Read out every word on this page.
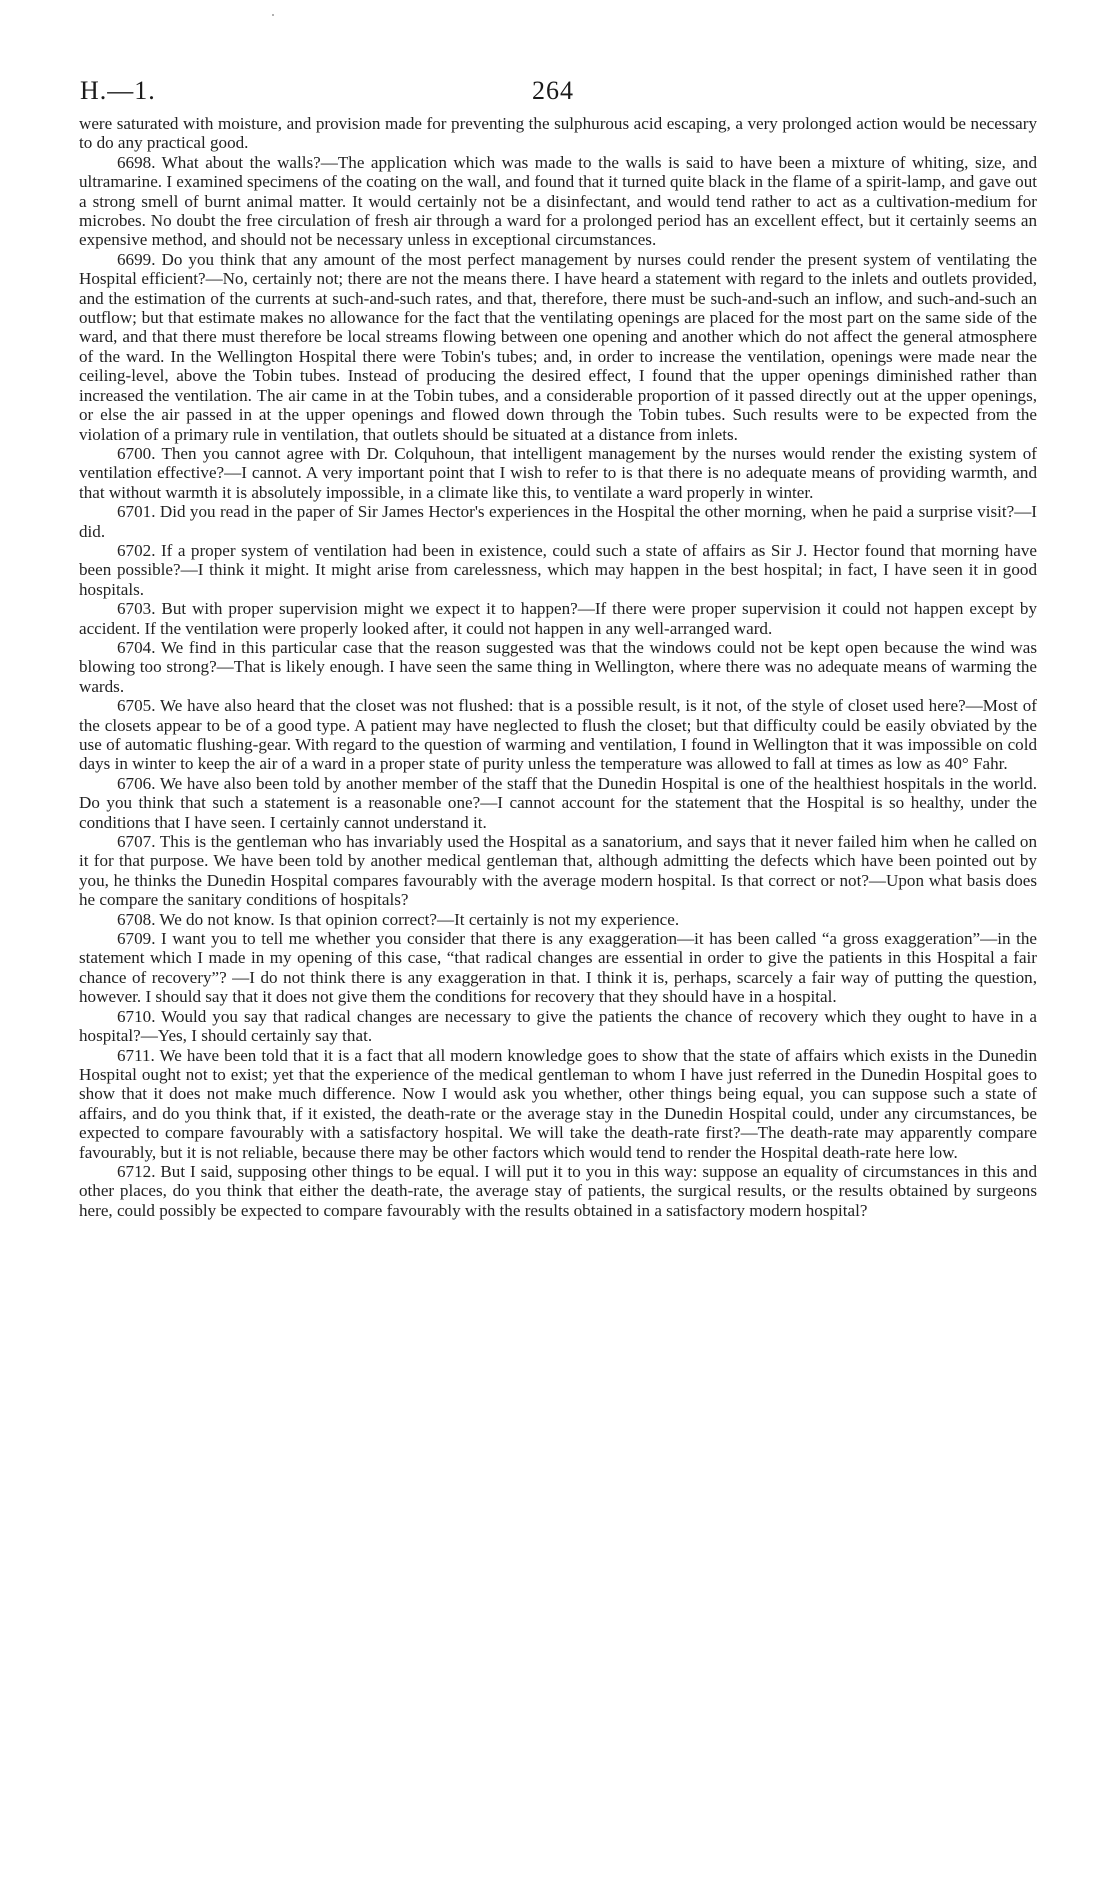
H.—1.	264

were saturated with moisture, and provision made for preventing the sulphurous acid escaping, a very prolonged action would be necessary to do any practical good.

6698. What about the walls?—The application which was made to the walls is said to have been a mixture of whiting, size, and ultramarine. I examined specimens of the coating on the wall, and found that it turned quite black in the flame of a spirit-lamp, and gave out a strong smell of burnt animal matter. It would certainly not be a disinfectant, and would tend rather to act as a cultivation-medium for microbes. No doubt the free circulation of fresh air through a ward for a prolonged period has an excellent effect, but it certainly seems an expensive method, and should not be necessary unless in exceptional circumstances.

6699. Do you think that any amount of the most perfect management by nurses could render the present system of ventilating the Hospital efficient?—No, certainly not; there are not the means there. I have heard a statement with regard to the inlets and outlets provided, and the estimation of the currents at such-and-such rates, and that, therefore, there must be such-and-such an inflow, and such-and-such an outflow; but that estimate makes no allowance for the fact that the ventilating openings are placed for the most part on the same side of the ward, and that there must therefore be local streams flowing between one opening and another which do not affect the general atmosphere of the ward. In the Wellington Hospital there were Tobin's tubes; and, in order to increase the ventilation, openings were made near the ceiling-level, above the Tobin tubes. Instead of producing the desired effect, I found that the upper openings diminished rather than increased the ventilation. The air came in at the Tobin tubes, and a considerable proportion of it passed directly out at the upper openings, or else the air passed in at the upper openings and flowed down through the Tobin tubes. Such results were to be expected from the violation of a primary rule in ventilation, that outlets should be situated at a distance from inlets.

6700. Then you cannot agree with Dr. Colquhoun, that intelligent management by the nurses would render the existing system of ventilation effective?—I cannot. A very important point that I wish to refer to is that there is no adequate means of providing warmth, and that without warmth it is absolutely impossible, in a climate like this, to ventilate a ward properly in winter.

6701. Did you read in the paper of Sir James Hector's experiences in the Hospital the other morning, when he paid a surprise visit?—I did.

6702. If a proper system of ventilation had been in existence, could such a state of affairs as Sir J. Hector found that morning have been possible?—I think it might. It might arise from carelessness, which may happen in the best hospital; in fact, I have seen it in good hospitals.

6703. But with proper supervision might we expect it to happen?—If there were proper supervision it could not happen except by accident. If the ventilation were properly looked after, it could not happen in any well-arranged ward.

6704. We find in this particular case that the reason suggested was that the windows could not be kept open because the wind was blowing too strong?—That is likely enough. I have seen the same thing in Wellington, where there was no adequate means of warming the wards.

6705. We have also heard that the closet was not flushed: that is a possible result, is it not, of the style of closet used here?—Most of the closets appear to be of a good type. A patient may have neglected to flush the closet; but that difficulty could be easily obviated by the use of automatic flushing-gear. With regard to the question of warming and ventilation, I found in Wellington that it was impossible on cold days in winter to keep the air of a ward in a proper state of purity unless the temperature was allowed to fall at times as low as 40° Fahr.

6706. We have also been told by another member of the staff that the Dunedin Hospital is one of the healthiest hospitals in the world. Do you think that such a statement is a reasonable one?—I cannot account for the statement that the Hospital is so healthy, under the conditions that I have seen. I certainly cannot understand it.

6707. This is the gentleman who has invariably used the Hospital as a sanatorium, and says that it never failed him when he called on it for that purpose. We have been told by another medical gentleman that, although admitting the defects which have been pointed out by you, he thinks the Dunedin Hospital compares favourably with the average modern hospital. Is that correct or not?—Upon what basis does he compare the sanitary conditions of hospitals?

6708. We do not know. Is that opinion correct?—It certainly is not my experience.

6709. I want you to tell me whether you consider that there is any exaggeration—it has been called “a gross exaggeration”—in the statement which I made in my opening of this case, “that radical changes are essential in order to give the patients in this Hospital a fair chance of recovery”? —I do not think there is any exaggeration in that. I think it is, perhaps, scarcely a fair way of putting the question, however. I should say that it does not give them the conditions for recovery that they should have in a hospital.

6710. Would you say that radical changes are necessary to give the patients the chance of recovery which they ought to have in a hospital?—Yes, I should certainly say that.

6711. We have been told that it is a fact that all modern knowledge goes to show that the state of affairs which exists in the Dunedin Hospital ought not to exist; yet that the experience of the medical gentleman to whom I have just referred in the Dunedin Hospital goes to show that it does not make much difference. Now I would ask you whether, other things being equal, you can suppose such a state of affairs, and do you think that, if it existed, the death-rate or the average stay in the Dunedin Hospital could, under any circumstances, be expected to compare favourably with a satisfactory hospital. We will take the death-rate first?—The death-rate may apparently compare favourably, but it is not reliable, because there may be other factors which would tend to render the Hospital death-rate here low.

6712. But I said, supposing other things to be equal. I will put it to you in this way: suppose an equality of circumstances in this and other places, do you think that either the death-rate, the average stay of patients, the surgical results, or the results obtained by surgeons here, could possibly be expected to compare favourably with the results obtained in a satisfactory modern hospital?
